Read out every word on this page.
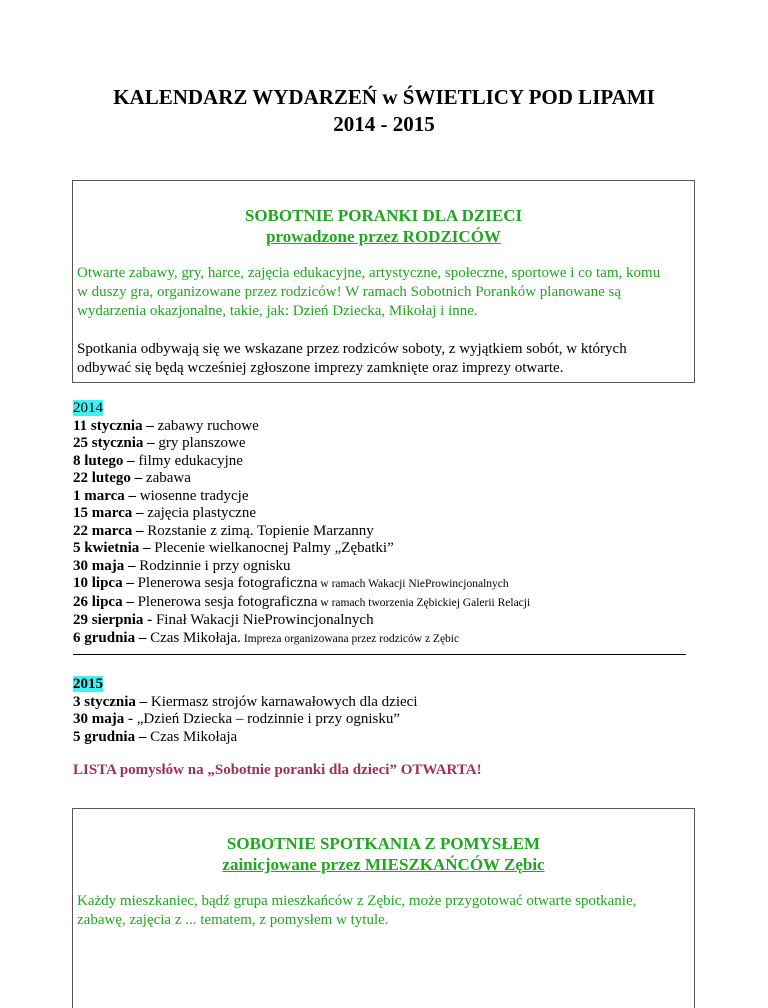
KALENDARZ WYDARZEŃ w ŚWIETLICY POD LIPAMI
2014 - 2015
SOBOTNIE PORANKI DLA DZIECI
prowadzone przez RODZICÓW

Otwarte zabawy, gry, harce, zajęcia edukacyjne, artystyczne, społeczne, sportowe i co tam, komu
w duszy gra, organizowane przez rodziców! W ramach Sobotnich Poranków planowane są
wydarzenia okazjonalne, takie, jak: Dzień Dziecka, Mikołaj i inne.

Spotkania odbywają się we wskazane przez rodziców soboty, z wyjątkiem sobót, w których
odbywać się będą wcześniej zgłoszone imprezy zamknięte oraz imprezy otwarte.

2014
11 stycznia – zabawy ruchowe
25 stycznia – gry planszowe
8 lutego – filmy edukacyjne
22 lutego – zabawa
1 marca – wiosenne tradycje
15 marca – zajęcia plastyczne
22 marca – Rozstanie z zimą. Topienie Marzanny
5 kwietnia – Plecenie wielkanocnej Palmy „Zębatki”
30 maja – Rodzinnie i przy ognisku
10 lipca – Plenerowa sesja fotograficzna w ramach Wakacji NieProwincjonalnych
26 lipca – Plenerowa sesja fotograficzna w ramach tworzenia Zębickiej Galerii Relacji
29 sierpnia - Finał Wakacji NieProwincjonalnych
6 grudnia – Czas Mikołaja. Impreza organizowana przez rodziców z Zębic
2015
3 stycznia – Kiermasz strojów karnawałowych dla dzieci
30 maja - „Dzień Dziecka – rodzinnie i przy ognisku”
5 grudnia – Czas Mikołaja
LISTA pomysłów na „Sobotnie poranki dla dzieci” OTWARTA!
SOBOTNIE SPOTKANIA Z POMYSŁEM
zainicjowane przez MIESZKAŃCÓW Zębic

Każdy mieszkaniec, bądź grupa mieszkańców z Zębic, może przygotować otwarte spotkanie,
zabawę, zajęcia z ... tematem, z pomysłem w tytule.
